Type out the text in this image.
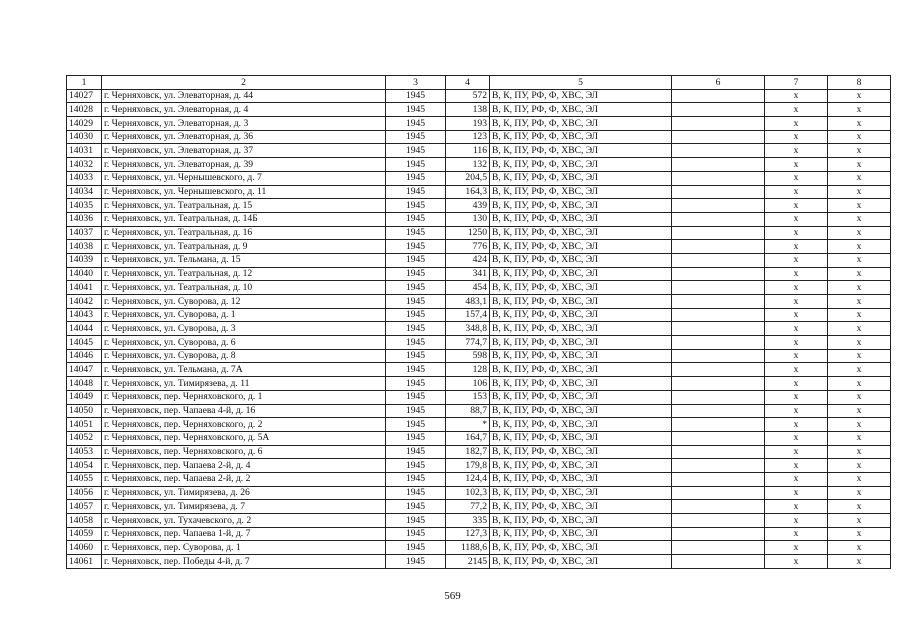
1	2	3	4	5	6	7	8
14027	г. Черняховск, ул. Элеваторная, д. 44	1945	572	В, К, ПУ, РФ, Ф, ХВС, ЭЛ		х	х
14028	г. Черняховск, ул. Элеваторная, д. 4	1945	138	В, К, ПУ, РФ, Ф, ХВС, ЭЛ		х	х
14029	г. Черняховск, ул. Элеваторная, д. 3	1945	193	В, К, ПУ, РФ, Ф, ХВС, ЭЛ		х	х
14030	г. Черняховск, ул. Элеваторная, д. 36	1945	123	В, К, ПУ, РФ, Ф, ХВС, ЭЛ		х	х
14031	г. Черняховск, ул. Элеваторная, д. 37	1945	116	В, К, ПУ, РФ, Ф, ХВС, ЭЛ		х	х
14032	г. Черняховск, ул. Элеваторная, д. 39	1945	132	В, К, ПУ, РФ, Ф, ХВС, ЭЛ		х	х
14033	г. Черняховск, ул. Чернышевского, д. 7	1945	204,5	В, К, ПУ, РФ, Ф, ХВС, ЭЛ		х	х
14034	г. Черняховск, ул. Чернышевского, д. 11	1945	164,3	В, К, ПУ, РФ, Ф, ХВС, ЭЛ		х	х
14035	г. Черняховск, ул. Театральная, д. 15	1945	439	В, К, ПУ, РФ, Ф, ХВС, ЭЛ		х	х
14036	г. Черняховск, ул. Театральная, д. 14Б	1945	130	В, К, ПУ, РФ, Ф, ХВС, ЭЛ		х	х
14037	г. Черняховск, ул. Театральная, д. 16	1945	1250	В, К, ПУ, РФ, Ф, ХВС, ЭЛ		х	х
14038	г. Черняховск, ул. Театральная, д. 9	1945	776	В, К, ПУ, РФ, Ф, ХВС, ЭЛ		х	х
14039	г. Черняховск, ул. Тельмана, д. 15	1945	424	В, К, ПУ, РФ, Ф, ХВС, ЭЛ		х	х
14040	г. Черняховск, ул. Театральная, д. 12	1945	341	В, К, ПУ, РФ, Ф, ХВС, ЭЛ		х	х
14041	г. Черняховск, ул. Театральная, д. 10	1945	454	В, К, ПУ, РФ, Ф, ХВС, ЭЛ		х	х
14042	г. Черняховск, ул. Суворова, д. 12	1945	483,1	В, К, ПУ, РФ, Ф, ХВС, ЭЛ		х	х
14043	г. Черняховск, ул. Суворова, д. 1	1945	157,4	В, К, ПУ, РФ, Ф, ХВС, ЭЛ		х	х
14044	г. Черняховск, ул. Суворова, д. 3	1945	348,8	В, К, ПУ, РФ, Ф, ХВС, ЭЛ		х	х
14045	г. Черняховск, ул. Суворова, д. 6	1945	774,7	В, К, ПУ, РФ, Ф, ХВС, ЭЛ		х	х
14046	г. Черняховск, ул. Суворова, д. 8	1945	598	В, К, ПУ, РФ, Ф, ХВС, ЭЛ		х	х
14047	г. Черняховск, ул. Тельмана, д. 7А	1945	128	В, К, ПУ, РФ, Ф, ХВС, ЭЛ		х	х
14048	г. Черняховск, ул. Тимирязева, д. 11	1945	106	В, К, ПУ, РФ, Ф, ХВС, ЭЛ		х	х
14049	г. Черняховск, пер. Черняховского, д. 1	1945	153	В, К, ПУ, РФ, Ф, ХВС, ЭЛ		х	х
14050	г. Черняховск, пер. Чапаева 4-й, д. 16	1945	88,7	В, К, ПУ, РФ, Ф, ХВС, ЭЛ		х	х
14051	г. Черняховск, пер. Черняховского, д. 2	1945	*	В, К, ПУ, РФ, Ф, ХВС, ЭЛ		х	х
14052	г. Черняховск, пер. Черняховского, д. 5А	1945	164,7	В, К, ПУ, РФ, Ф, ХВС, ЭЛ		х	х
14053	г. Черняховск, пер. Черняховского, д. 6	1945	182,7	В, К, ПУ, РФ, Ф, ХВС, ЭЛ		х	х
14054	г. Черняховск, пер. Чапаева 2-й, д. 4	1945	179,8	В, К, ПУ, РФ, Ф, ХВС, ЭЛ		х	х
14055	г. Черняховск, пер. Чапаева 2-й, д. 2	1945	124,4	В, К, ПУ, РФ, Ф, ХВС, ЭЛ		х	х
14056	г. Черняховск, ул. Тимирязева, д. 26	1945	102,3	В, К, ПУ, РФ, Ф, ХВС, ЭЛ		х	х
14057	г. Черняховск, ул. Тимирязева, д. 7	1945	77,2	В, К, ПУ, РФ, Ф, ХВС, ЭЛ		х	х
14058	г. Черняховск, ул. Тухачевского, д. 2	1945	335	В, К, ПУ, РФ, Ф, ХВС, ЭЛ		х	х
14059	г. Черняховск, пер. Чапаева 1-й, д. 7	1945	127,3	В, К, ПУ, РФ, Ф, ХВС, ЭЛ		х	х
14060	г. Черняховск, пер. Суворова, д. 1	1945	1188,6	В, К, ПУ, РФ, Ф, ХВС, ЭЛ		х	х
14061	г. Черняховск, пер. Победы 4-й, д. 7	1945	2145	В, К, ПУ, РФ, Ф, ХВС, ЭЛ		х	х
569
